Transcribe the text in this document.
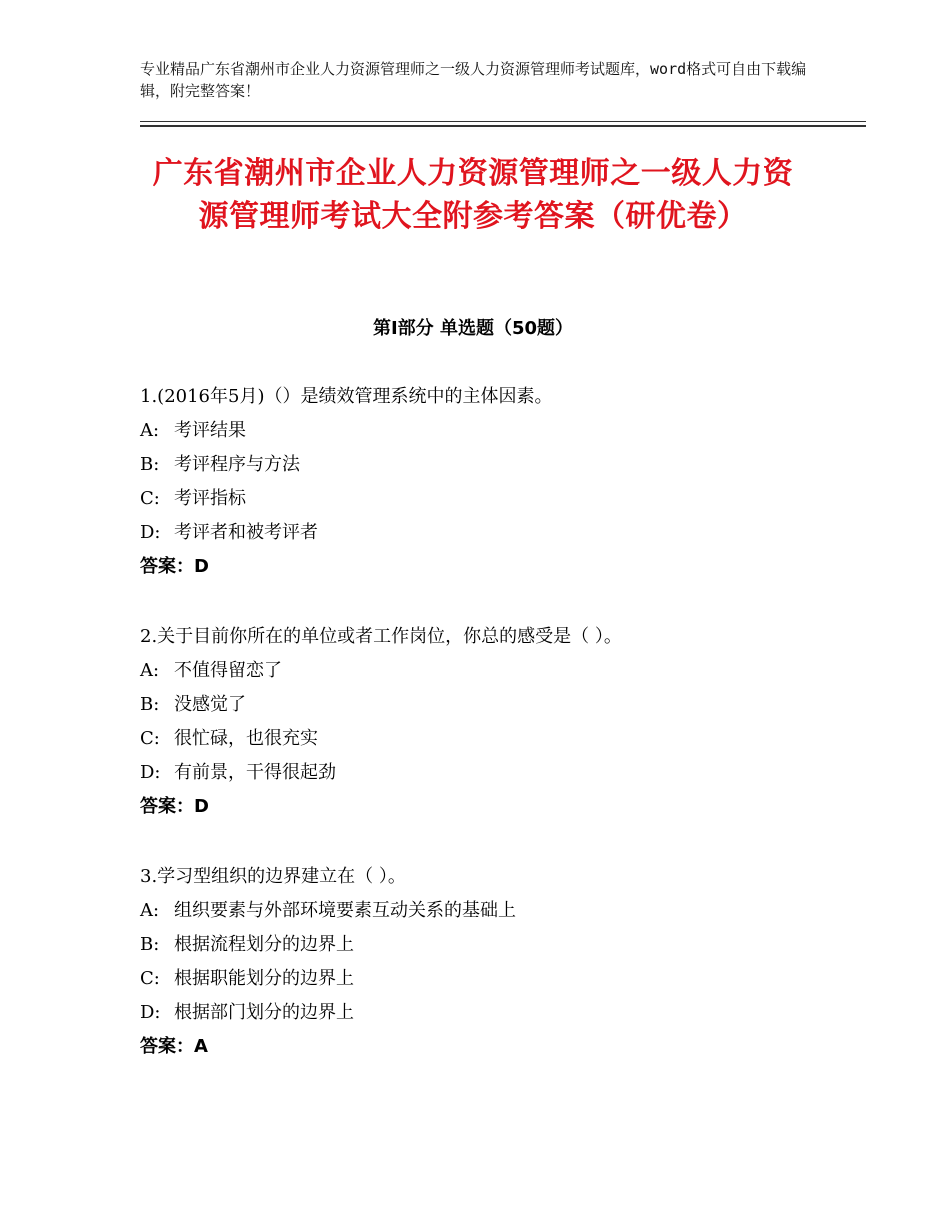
专业精品广东省潮州市企业人力资源管理师之一级人力资源管理师考试题库，word格式可自由下载编辑，附完整答案！
广东省潮州市企业人力资源管理师之一级人力资源管理师考试大全附参考答案（研优卷）
第Ⅰ部分 单选题（50题）
1.(2016年5月)（）是绩效管理系统中的主体因素。
A: 考评结果
B: 考评程序与方法
C: 考评指标
D: 考评者和被考评者
答案：D
2.关于目前你所在的单位或者工作岗位，你总的感受是（ ）。
A: 不值得留恋了
B: 没感觉了
C: 很忙碌，也很充实
D: 有前景，干得很起劲
答案：D
3.学习型组织的边界建立在（ ）。
A: 组织要素与外部环境要素互动关系的基础上
B: 根据流程划分的边界上
C: 根据职能划分的边界上
D: 根据部门划分的边界上
答案：A
